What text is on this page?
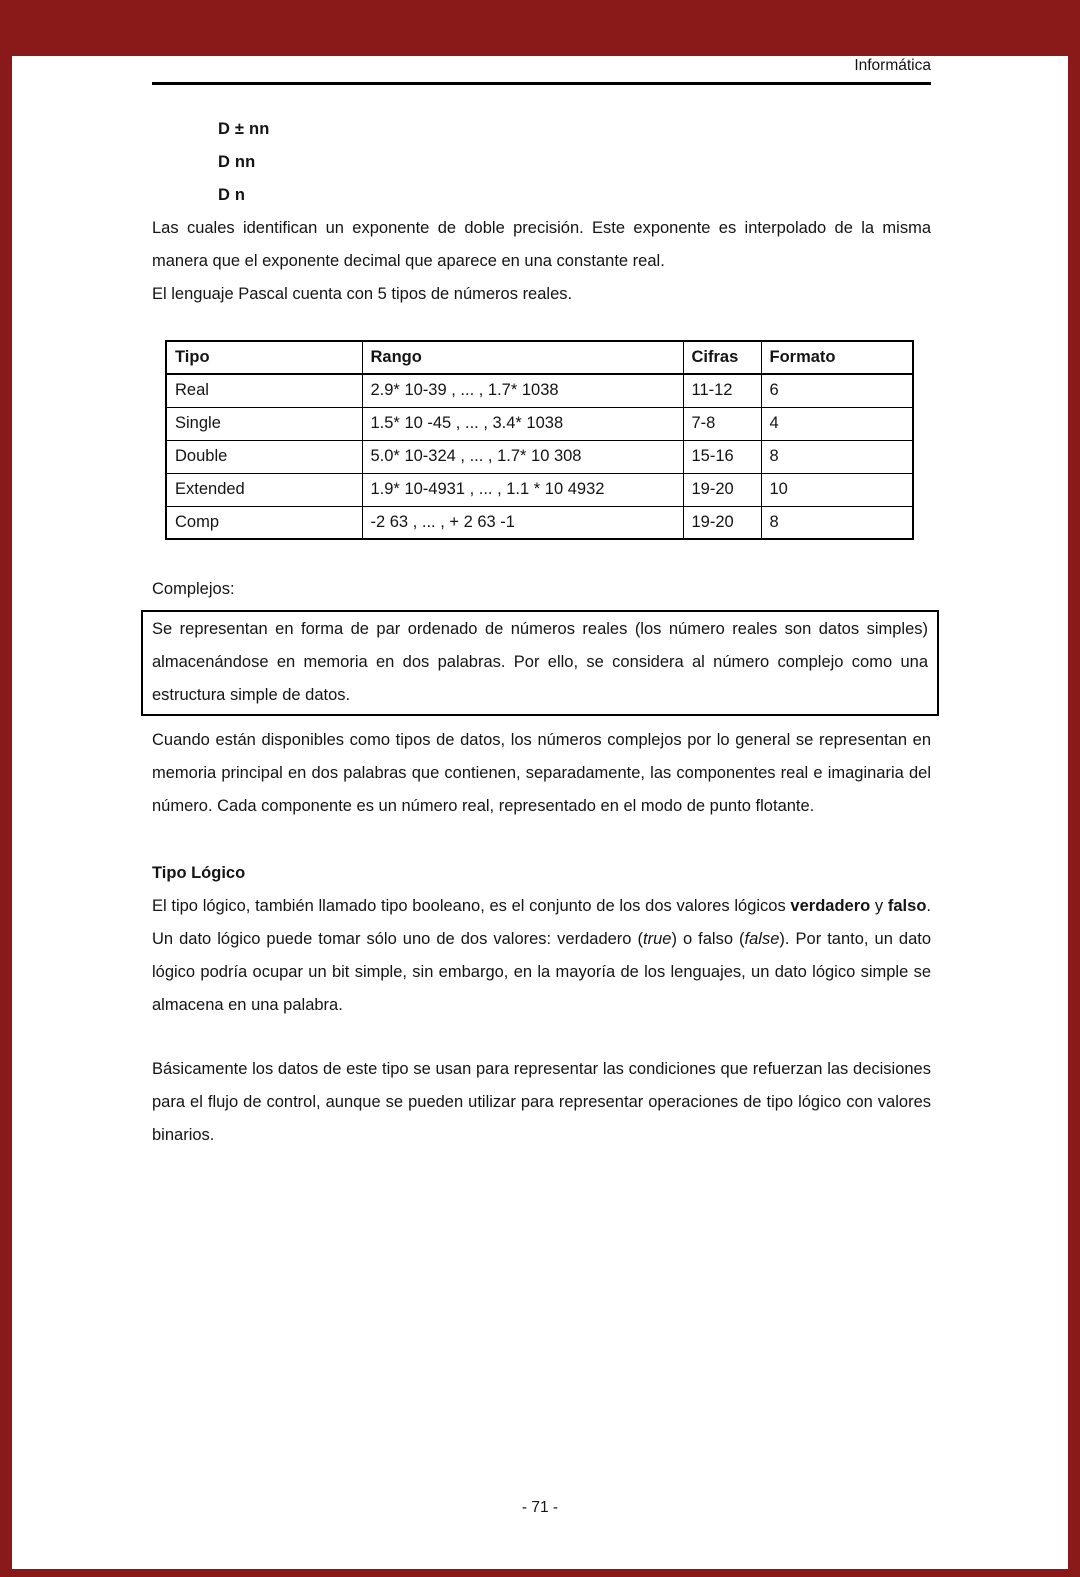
Informática
D ± nn
D nn
D n

Las cuales identifican un exponente de doble precisión. Este exponente es interpolado de la misma manera que el exponente decimal que aparece en una constante real.

El lenguaje Pascal cuenta con 5 tipos de números reales.

Tipo	Rango	Cifras	Formato
Real	2.9* 10-39 , ... , 1.7* 1038	11-12	6
Single	1.5* 10 -45 , ... , 3.4* 1038	7-8	4
Double	5.0* 10-324 , ... , 1.7* 10 308	15-16	8
Extended	1.9* 10-4931 , ... , 1.1 * 10 4932	19-20	10
Comp	-2 63 , ... , + 2 63 -1	19-20	8

Complejos:

Se representan en forma de par ordenado de números reales (los número reales son datos simples) almacenándose en memoria en dos palabras. Por ello, se considera al número complejo como una estructura simple de datos.

Cuando están disponibles como tipos de datos, los números complejos por lo general se representan en memoria principal en dos palabras que contienen, separadamente, las componentes real e imaginaria del número. Cada componente es un número real, representado en el modo de punto flotante.

Tipo Lógico

El tipo lógico, también llamado tipo booleano, es el conjunto de los dos valores lógicos verdadero y falso. Un dato lógico puede tomar sólo uno de dos valores: verdadero (true) o falso (false). Por tanto, un dato lógico podría ocupar un bit simple, sin embargo, en la mayoría de los lenguajes, un dato lógico simple se almacena en una palabra.

Básicamente los datos de este tipo se usan para representar las condiciones que refuerzan las decisiones para el flujo de control, aunque se pueden utilizar para representar operaciones de tipo lógico con valores binarios.

- 71 -
